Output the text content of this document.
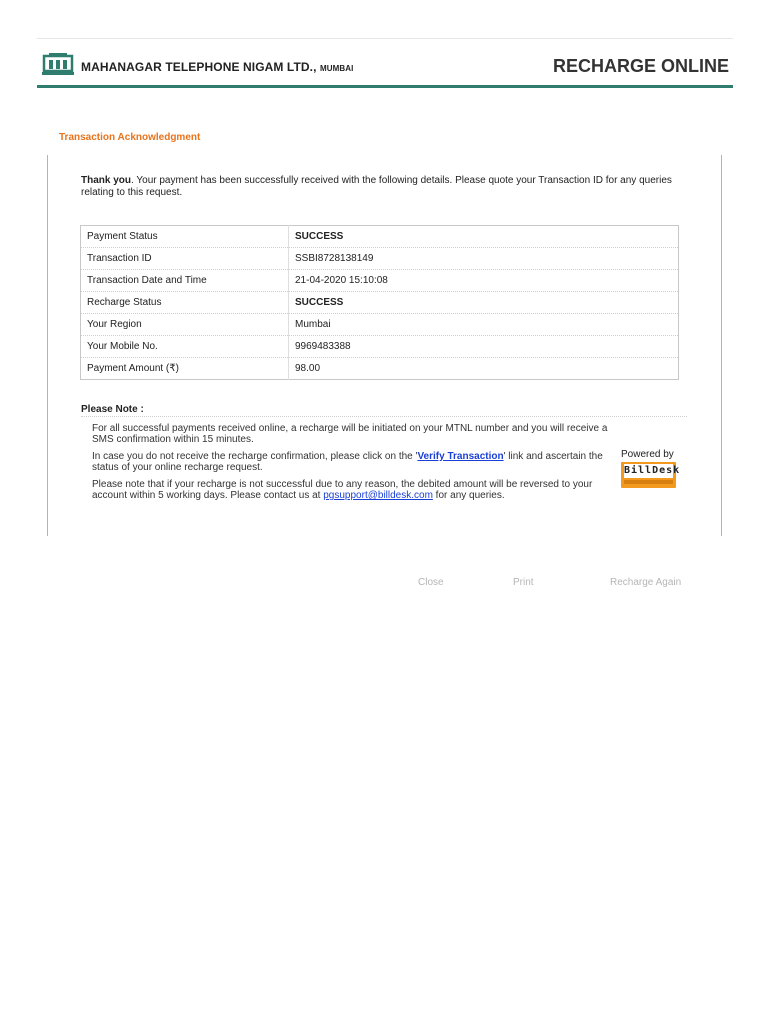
MAHANAGAR TELEPHONE NIGAM LTD., MUMBAI	RECHARGE ONLINE
Transaction Acknowledgment
Thank you. Your payment has been successfully received with the following details. Please quote your Transaction ID for any queries relating to this request.
Payment Status	SUCCESS
Transaction ID	SSBI8728138149
Transaction Date and Time	21-04-2020 15:10:08
Recharge Status	SUCCESS
Your Region	Mumbai
Your Mobile No.	9969483388
Payment Amount (₹)	98.00
Please Note :

For all successful payments received online, a recharge will be initiated on your MTNL number and you will receive a SMS confirmation within 15 minutes.

In case you do not receive the recharge confirmation, please click on the 'Verify Transaction' link and ascertain the status of your online recharge request.

Please note that if your recharge is not successful due to any reason, the debited amount will be reversed to your account within 5 working days. Please contact us at pgsupport@billdesk.com for any queries.

Powered by
BillDesk
Close	Print	Recharge Again
